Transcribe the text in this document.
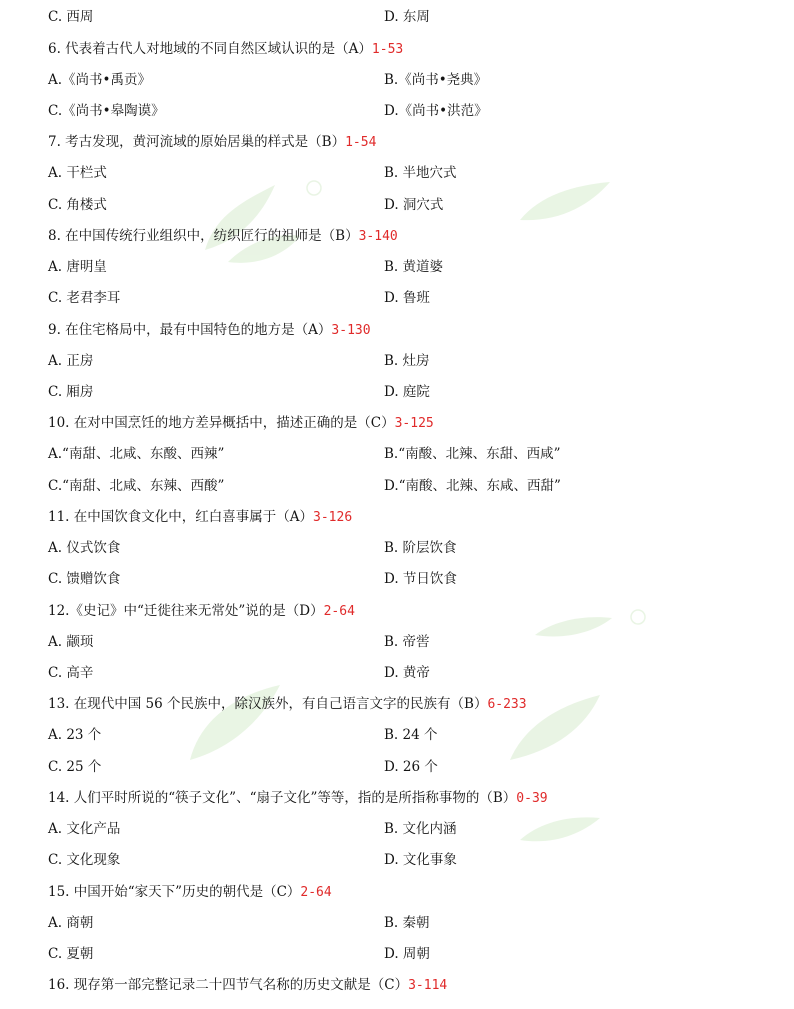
C. 西周	D. 东周
6. 代表着古代人对地域的不同自然区域认识的是（A）1-53
A.《尚书•禹贡》	B.《尚书•尧典》
C.《尚书•皋陶谟》	D.《尚书•洪范》
7. 考古发现，黄河流域的原始居巢的样式是（B）1-54
A. 干栏式	B. 半地穴式
C. 角楼式	D. 洞穴式
8. 在中国传统行业组织中，纺织匠行的祖师是（B）3-140
A. 唐明皇	B. 黄道婆
C. 老君李耳	D. 鲁班
9. 在住宅格局中，最有中国特色的地方是（A）3-130
A. 正房	B. 灶房
C. 厢房	D. 庭院
10. 在对中国烹饪的地方差异概括中，描述正确的是（C）3-125
A.“南甜、北咸、东酸、西辣”	B.“南酸、北辣、东甜、西咸”
C.“南甜、北咸、东辣、西酸”	D.“南酸、北辣、东咸、西甜”
11. 在中国饮食文化中，红白喜事属于（A）3-126
A. 仪式饮食	B. 阶层饮食
C. 馈赠饮食	D. 节日饮食
12.《史记》中“迁徙往来无常处”说的是（D）2-64
A. 颛顼	B. 帝喾
C. 高辛	D. 黄帝
13. 在现代中国 56 个民族中，除汉族外，有自己语言文字的民族有（B）6-233
A. 23 个	B. 24 个
C. 25 个	D. 26 个
14. 人们平时所说的“筷子文化”、“扇子文化”等等，指的是所指称事物的（B）0-39
A. 文化产品	B. 文化内涵
C. 文化现象	D. 文化事象
15. 中国开始“家天下”历史的朝代是（C）2-64
A. 商朝	B. 秦朝
C. 夏朝	D. 周朝
16. 现存第一部完整记录二十四节气名称的历史文献是（C）3-114
